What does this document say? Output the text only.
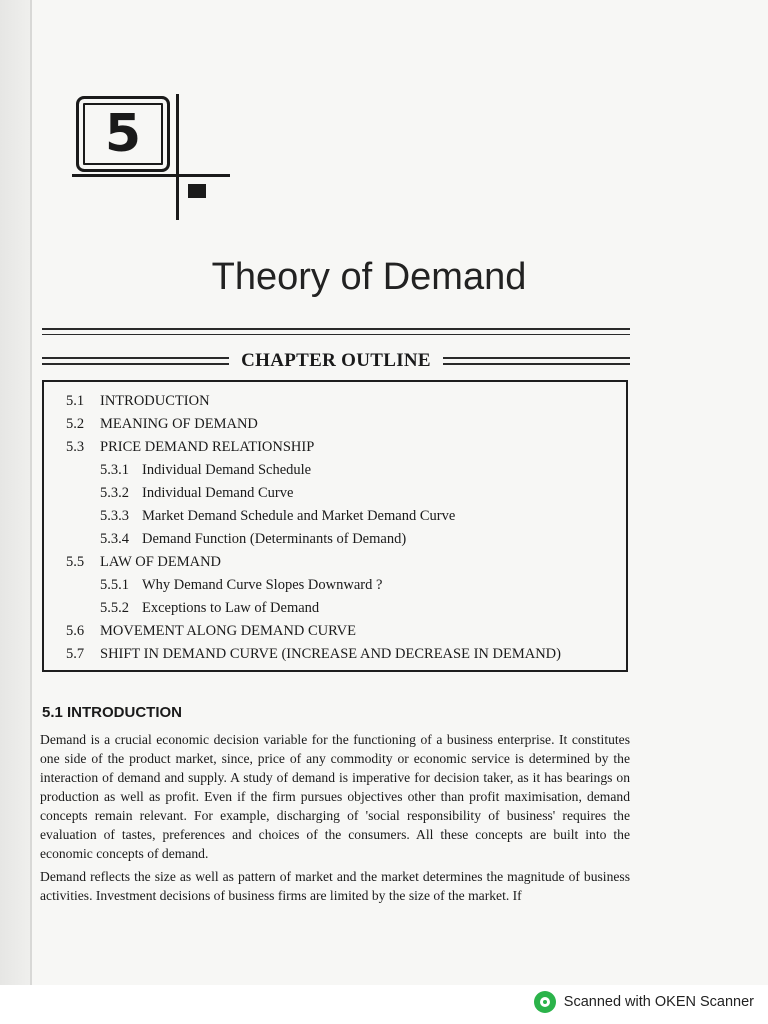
5
Theory of Demand
CHAPTER OUTLINE
5.1 INTRODUCTION
5.2 MEANING OF DEMAND
5.3 PRICE DEMAND RELATIONSHIP
5.3.1 Individual Demand Schedule
5.3.2 Individual Demand Curve
5.3.3 Market Demand Schedule and Market Demand Curve
5.3.4 Demand Function (Determinants of Demand)
5.5 LAW OF DEMAND
5.5.1 Why Demand Curve Slopes Downward ?
5.5.2 Exceptions to Law of Demand
5.6 MOVEMENT ALONG DEMAND CURVE
5.7 SHIFT IN DEMAND CURVE (INCREASE AND DECREASE IN DEMAND)
5.1 INTRODUCTION

Demand is a crucial economic decision variable for the functioning of a business enterprise. It constitutes one side of the product market, since, price of any commodity or economic service is determined by the interaction of demand and supply. A study of demand is imperative for decision taker, as it has bearings on production as well as profit. Even if the firm pursues objectives other than profit maximisation, demand concepts remain relevant. For example, discharging of 'social responsibility of business' requires the evaluation of tastes, preferences and choices of the consumers. All these concepts are built into the economic concepts of demand.

Demand reflects the size as well as pattern of market and the market determines the magnitude of business activities. Investment decisions of business firms are limited by the size of the market. If

Scanned with OKEN Scanner
